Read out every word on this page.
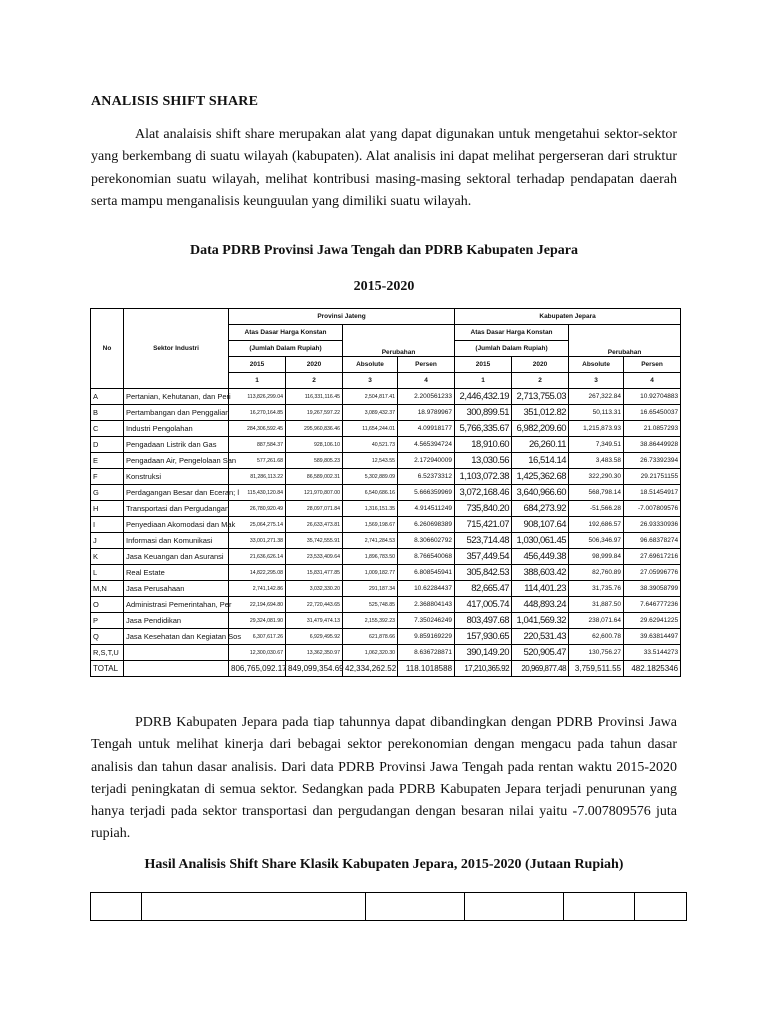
ANALISIS SHIFT SHARE
Alat analaisis shift share merupakan alat yang dapat digunakan untuk mengetahui sektor-sektor yang berkembang di suatu wilayah (kabupaten). Alat analisis ini dapat melihat pergerseran dari struktur perekonomian suatu wilayah, melihat kontribusi masing-masing sektoral terhadap pendapatan daerah serta mampu menganalisis keunguulan yang dimiliki suatu wilayah.
Data PDRB Provinsi Jawa Tengah dan PDRB Kabupaten Jepara
2015-2020
No	Sektor Industri	Provinsi Jateng				Kabupaten Jepara			
		Atas Dasar Harga Konstan		Perubahan		Atas Dasar Harga Konstan		Perubahan	
		(Jumlah Dalam Rupiah)				(Jumlah Dalam Rupiah)			
		2015	2020	Absolute	Persen	2015	2020	Absolute	Persen
		1	2	3	4	1	2	3	4
A	Pertanian, Kehutanan, dan Peri	113,826,299.04	116,331,116.45	2,504,817.41	2.200561233	2,446,432.19	2,713,755.03	267,322.84	10.92704883
B	Pertambangan dan Penggalian	16,270,164.85	19,267,597.22	3,089,432.37	18.9789967	300,899.51	351,012.82	50,113.31	16.65450037
C	Industri Pengolahan	284,306,592.45	295,960,836.46	11,654,244.01	4.09918177	5,766,335.67	6,982,209.60	1,215,873.93	21.0857293
D	Pengadaan Listrik dan Gas	887,584.37	928,106.10	40,521.73	4.565394724	18,910.60	26,260.11	7,349.51	38.86449928
E	Pengadaan Air, Pengelolaan San	577,261.68	589,805.23	12,543.55	2.172940009	13,030.56	16,514.14	3,483.58	26.73392394
F	Konstruksi	81,286,113.22	86,589,002.31	5,302,889.09	6.52373312	1,103,072.38	1,425,362.68	322,290.30	29.21751155
G	Perdagangan Besar dan Eceran; l	115,430,120.84	121,970,807.00	6,540,686.16	5.666359969	3,072,168.46	3,640,966.60	568,798.14	18.51454917
H	Transportasi dan Pergudangan	26,780,920.49	28,097,071.84	1,316,151.35	4.914511249	735,840.20	684,273.92	-51,566.28	-7.007809576
I	Penyediaan Akomodasi dan Mak	25,064,275.14	26,633,473.81	1,569,198.67	6.260698389	715,421.07	908,107.64	192,686.57	26.93330936
J	Informasi dan Komunikasi	33,001,271.38	35,742,555.91	2,741,284.53	8.306602792	523,714.48	1,030,061.45	506,346.97	96.68378274
K	Jasa Keuangan dan Asuransi	21,636,626.14	23,533,409.64	1,896,783.50	8.766540068	357,449.54	456,449.38	98,999.84	27.69617216
L	Real Estate	14,822,295.08	15,831,477.85	1,009,182.77	6.808545941	305,842.53	388,603.42	82,760.89	27.05996776
M,N	Jasa Perusahaan	2,741,142.86	3,032,330.20	291,187.34	10.62284437	82,665.47	114,401.23	31,735.76	38.39058799
O	Administrasi Pemerintahan, Per	22,194,694.80	22,720,443.65	525,748.85	2.368804143	417,005.74	448,893.24	31,887.50	7.646777236
P	Jasa Pendidikan	29,324,081.90	31,479,474.13	2,155,392.23	7.350246249	803,497.68	1,041,569.32	238,071.64	29.62941225
Q	Jasa Kesehatan dan Kegiatan Sos	6,307,617.26	6,929,495.92	621,878.66	9.859169229	157,930.65	220,531.43	62,600.78	39.63814497
R,S,T,U		12,300,030.67	13,362,350.97	1,062,320.30	8.636728871	390,149.20	520,905.47	130,756.27	33.5144273
TOTAL		806,765,092.17	849,099,354.69	42,334,262.52	118.1018588	17,210,365.92	20,969,877.48	3,759,511.55	482.1825346
PDRB Kabupaten Jepara pada tiap tahunnya dapat dibandingkan dengan PDRB Provinsi Jawa Tengah untuk melihat kinerja dari bebagai sektor perekonomian dengan mengacu pada tahun dasar analisis dan tahun dasar analisis. Dari data PDRB Provinsi Jawa Tengah pada rentan waktu 2015-2020 terjadi peningkatan di semua sektor. Sedangkan pada PDRB Kabupaten Jepara terjadi penurunan yang hanya terjadi pada sektor transportasi dan pergudangan dengan besaran nilai yaitu -7.007809576 juta rupiah.
Hasil Analisis Shift Share Klasik Kabupaten Jepara, 2015-2020 (Jutaan Rupiah)
